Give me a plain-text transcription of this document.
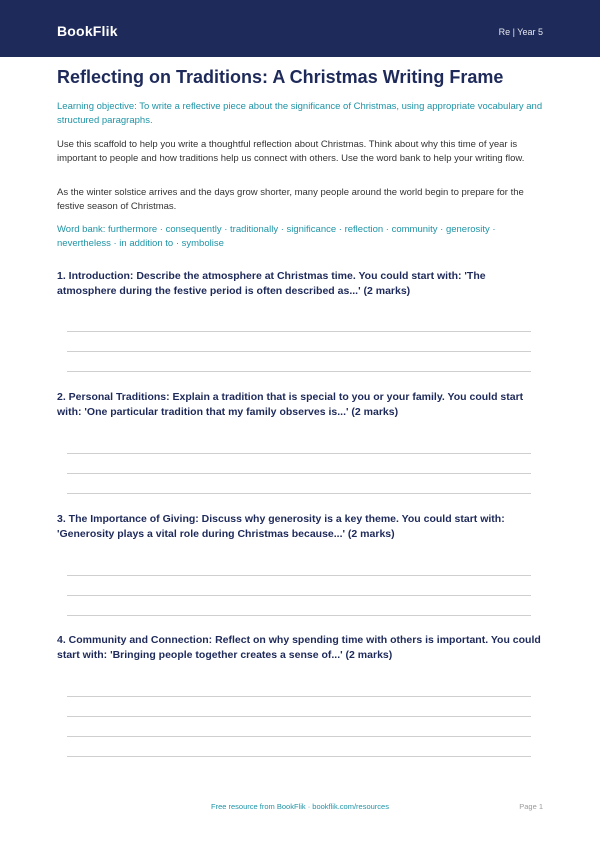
BookFlik	Re | Year 5
Reflecting on Traditions: A Christmas Writing Frame
Learning objective: To write a reflective piece about the significance of Christmas, using appropriate vocabulary and structured paragraphs.
Use this scaffold to help you write a thoughtful reflection about Christmas. Think about why this time of year is important to people and how traditions help us connect with others. Use the word bank to help your writing flow.
As the winter solstice arrives and the days grow shorter, many people around the world begin to prepare for the festive season of Christmas.
Word bank: furthermore · consequently · traditionally · significance · reflection · community · generosity · nevertheless · in addition to · symbolise
1. Introduction: Describe the atmosphere at Christmas time. You could start with: 'The atmosphere during the festive period is often described as...' (2 marks)
2. Personal Traditions: Explain a tradition that is special to you or your family. You could start with: 'One particular tradition that my family observes is...' (2 marks)
3. The Importance of Giving: Discuss why generosity is a key theme. You could start with: 'Generosity plays a vital role during Christmas because...' (2 marks)
4. Community and Connection: Reflect on why spending time with others is important. You could start with: 'Bringing people together creates a sense of...' (2 marks)
Free resource from BookFlik · bookflik.com/resources	Page 1
